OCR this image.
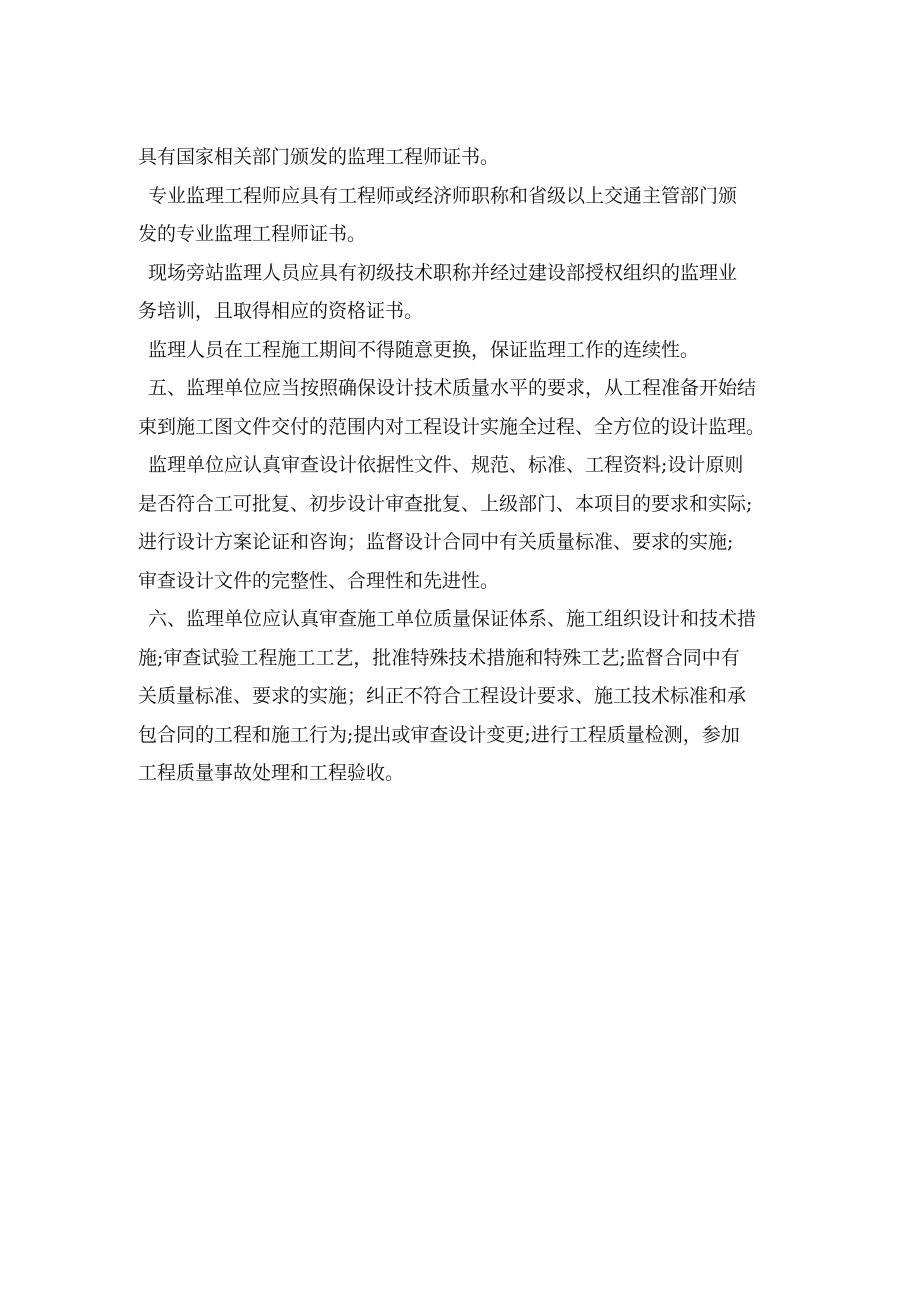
具有国家相关部门颁发的监理工程师证书。
专业监理工程师应具有工程师或经济师职称和省级以上交通主管部门颁
发的专业监理工程师证书。
现场旁站监理人员应具有初级技术职称并经过建设部授权组织的监理业
务培训，且取得相应的资格证书。
监理人员在工程施工期间不得随意更换，保证监理工作的连续性。
五、监理单位应当按照确保设计技术质量水平的要求，从工程准备开始结
束到施工图文件交付的范围内对工程设计实施全过程、全方位的设计监理。
监理单位应认真审查设计依据性文件、规范、标准、工程资料;设计原则
是否符合工可批复、初步设计审查批复、上级部门、本项目的要求和实际;
进行设计方案论证和咨询；监督设计合同中有关质量标准、要求的实施;
审查设计文件的完整性、合理性和先进性。
六、监理单位应认真审查施工单位质量保证体系、施工组织设计和技术措
施;审查试验工程施工工艺，批准特殊技术措施和特殊工艺;监督合同中有
关质量标准、要求的实施；纠正不符合工程设计要求、施工技术标准和承
包合同的工程和施工行为;提出或审查设计变更;进行工程质量检测，参加
工程质量事故处理和工程验收。
